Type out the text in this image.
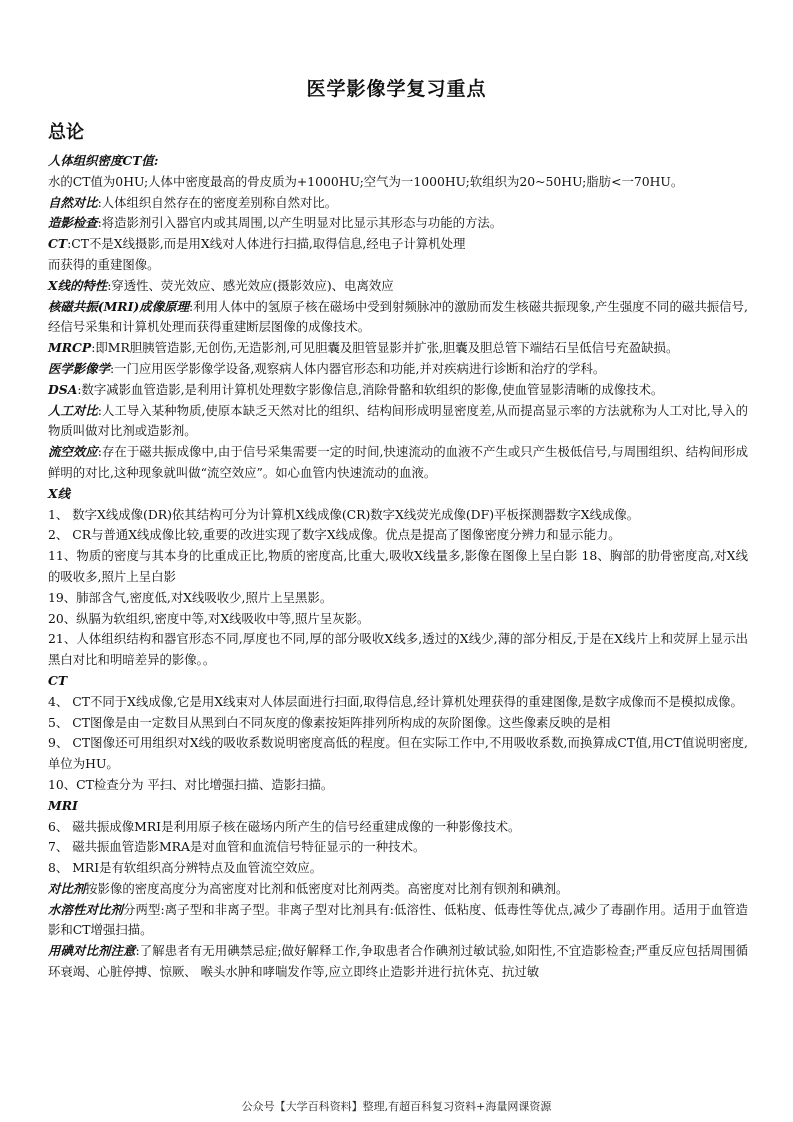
医学影像学复习重点
总论

人体组织密度CT值:

水的CT值为0HU;人体中密度最高的骨皮质为+1000HU;空气为一1000HU;软组织为20~50HU;脂肪<一70HU。

自然对比:人体组织自然存在的密度差别称自然对比。

造影检查:将造影剂引入器官内或其周围,以产生明显对比显示其形态与功能的方法。

CT:CT不是X线摄影,而是用X线对人体进行扫描,取得信息,经电子计算机处理

而获得的重建图像。

X线的特性:穿透性、荧光效应、感光效应(摄影效应)、电离效应

核磁共振(MRI)成像原理:利用人体中的氢原子核在磁场中受到射频脉冲的激励而发生核磁共振现象,产生强度不同的磁共振信号,经信号采集和计算机处理而获得重建断层图像的成像技术。

MRCP:即MR胆胰管造影,无创伤,无造影剂,可见胆囊及胆管显影并扩张,胆囊及胆总管下端结石呈低信号充盈缺损。

医学影像学:一门应用医学影像学设备,观察病人体内器官形态和功能,并对疾病进行诊断和治疗的学科。

DSA:数字减影血管造影,是利用计算机处理数字影像信息,消除骨骼和软组织的影像,使血管显影清晰的成像技术。

人工对比:人工导入某种物质,使原本缺乏天然对比的组织、结构间形成明显密度差,从而提高显示率的方法就称为人工对比,导入的物质叫做对比剂或造影剂。

流空效应:存在于磁共振成像中,由于信号采集需要一定的时间,快速流动的血液不产生或只产生极低信号,与周围组织、结构间形成鲜明的对比,这种现象就叫做“流空效应”。如心血管内快速流动的血液。

X线

1、 数字X线成像(DR)依其结构可分为计算机X线成像(CR)数字X线荧光成像(DF)平板探测器数字X线成像。

2、 CR与普通X线成像比较,重要的改进实现了数字X线成像。优点是提高了图像密度分辨力和显示能力。

11、物质的密度与其本身的比重成正比,物质的密度高,比重大,吸收X线量多,影像在图像上呈白影 18、胸部的肋骨密度高,对X线的吸收多,照片上呈白影

19、肺部含气,密度低,对X线吸收少,照片上呈黑影。

20、纵膈为软组织,密度中等,对X线吸收中等,照片呈灰影。

21、人体组织结构和器官形态不同,厚度也不同,厚的部分吸收X线多,透过的X线少,薄的部分相反,于是在X线片上和荧屏上显示出黑白对比和明暗差异的影像。。

CT

4、 CT不同于X线成像,它是用X线束对人体层面进行扫面,取得信息,经计算机处理获得的重建图像,是数字成像而不是模拟成像。

5、 CT图像是由一定数目从黑到白不同灰度的像素按矩阵排列所构成的灰阶图像。这些像素反映的是相

9、 CT图像还可用组织对X线的吸收系数说明密度高低的程度。但在实际工作中,不用吸收系数,而换算成CT值,用CT值说明密度,单位为HU。

10、CT检查分为 平扫、对比增强扫描、造影扫描。

MRI

6、 磁共振成像MRI是利用原子核在磁场内所产生的信号经重建成像的一种影像技术。

7、 磁共振血管造影MRA是对血管和血流信号特征显示的一种技术。

8、 MRI是有软组织高分辨特点及血管流空效应。

对比剂按影像的密度高度分为高密度对比剂和低密度对比剂两类。高密度对比剂有钡剂和碘剂。

水溶性对比剂分两型:离子型和非离子型。非离子型对比剂具有:低溶性、低粘度、低毒性等优点,减少了毒副作用。适用于血管造影和CT增强扫描。

用碘对比剂注意:了解患者有无用碘禁忌症;做好解释工作,争取患者合作碘剂过敏试验,如阳性,不宜造影检查;严重反应包括周围循环衰竭、心脏停搏、惊厥、 喉头水肿和哮喘发作等,应立即终止造影并进行抗休克、抗过敏

公众号【大学百科资料】整理,有超百科复习资料+海量网课资源
